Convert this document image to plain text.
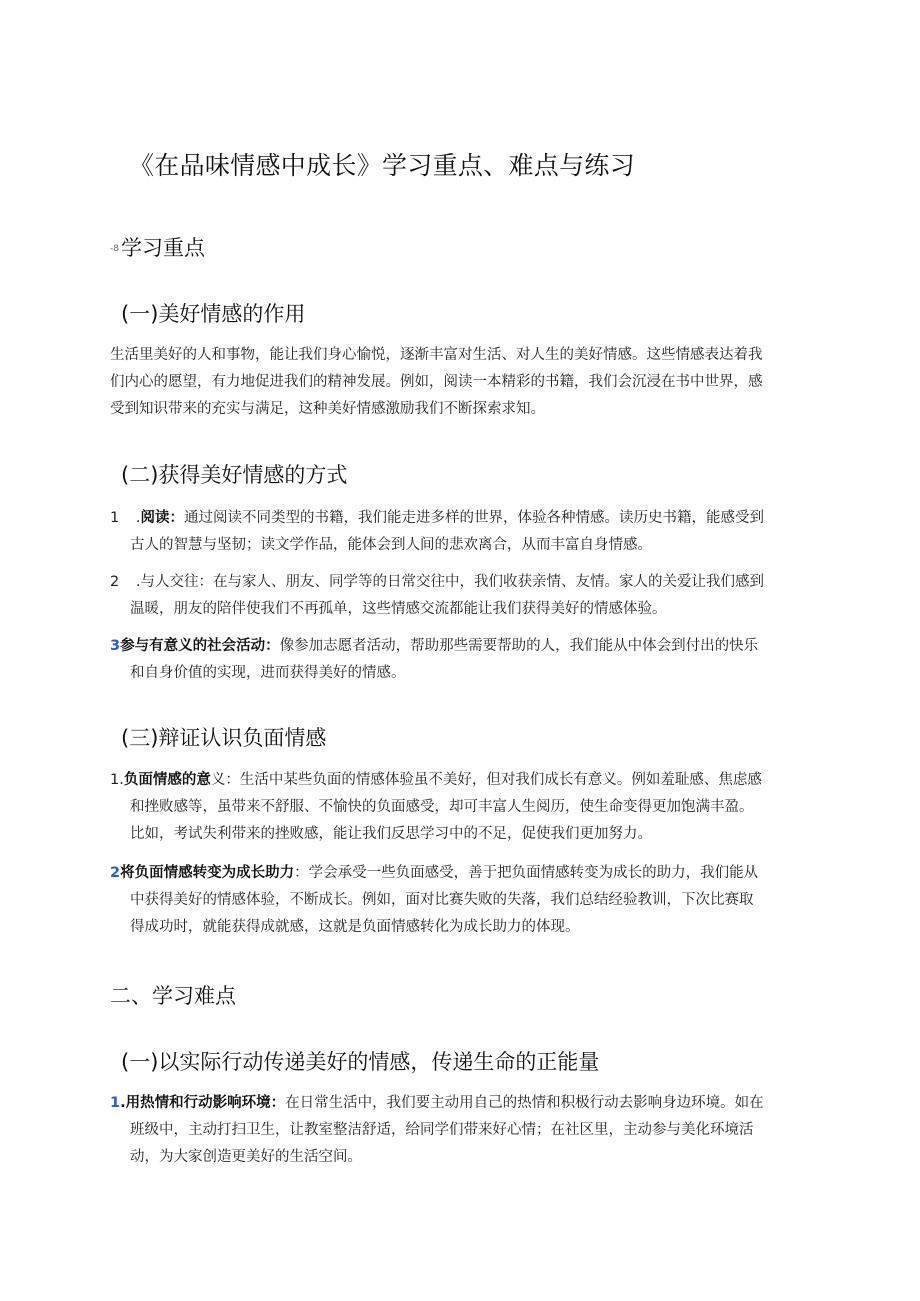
《在品味情感中成长》学习重点、难点与练习
-8学习重点
(一)美好情感的作用
生活里美好的人和事物，能让我们身心愉悦，逐渐丰富对生活、对人生的美好情感。这些情感表达着我
们内心的愿望，有力地促进我们的精神发展。例如，阅读一本精彩的书籍，我们会沉浸在书中世界，感
受到知识带来的充实与满足，这种美好情感激励我们不断探索求知。
(二)获得美好情感的方式
1 .阅读：通过阅读不同类型的书籍，我们能走进多样的世界，体验各种情感。读历史书籍，能感受到
古人的智慧与坚韧；读文学作品，能体会到人间的悲欢离合，从而丰富自身情感。
2 .与人交往：在与家人、朋友、同学等的日常交往中，我们收获亲情、友情。家人的关爱让我们感到
温暖，朋友的陪伴使我们不再孤单，这些情感交流都能让我们获得美好的情感体验。
3参与有意义的社会活动：像参加志愿者活动，帮助那些需要帮助的人，我们能从中体会到付出的快乐
和自身价值的实现，进而获得美好的情感。
(三)辩证认识负面情感
1.负面情感的意义：生活中某些负面的情感体验虽不美好，但对我们成长有意义。例如羞耻感、焦虑感
和挫败感等，虽带来不舒服、不愉快的负面感受，却可丰富人生阅历，使生命变得更加饱满丰盈。
比如，考试失利带来的挫败感，能让我们反思学习中的不足，促使我们更加努力。
2将负面情感转变为成长助力：学会承受一些负面感受，善于把负面情感转变为成长的助力，我们能从
中获得美好的情感体验，不断成长。例如，面对比赛失败的失落，我们总结经验教训，下次比赛取
得成功时，就能获得成就感，这就是负面情感转化为成长助力的体现。
二、学习难点
(一)以实际行动传递美好的情感，传递生命的正能量
1.用热情和行动影响环境：在日常生活中，我们要主动用自己的热情和积极行动去影响身边环境。如在
班级中，主动打扫卫生，让教室整洁舒适，给同学们带来好心情；在社区里，主动参与美化环境活
动，为大家创造更美好的生活空间。
